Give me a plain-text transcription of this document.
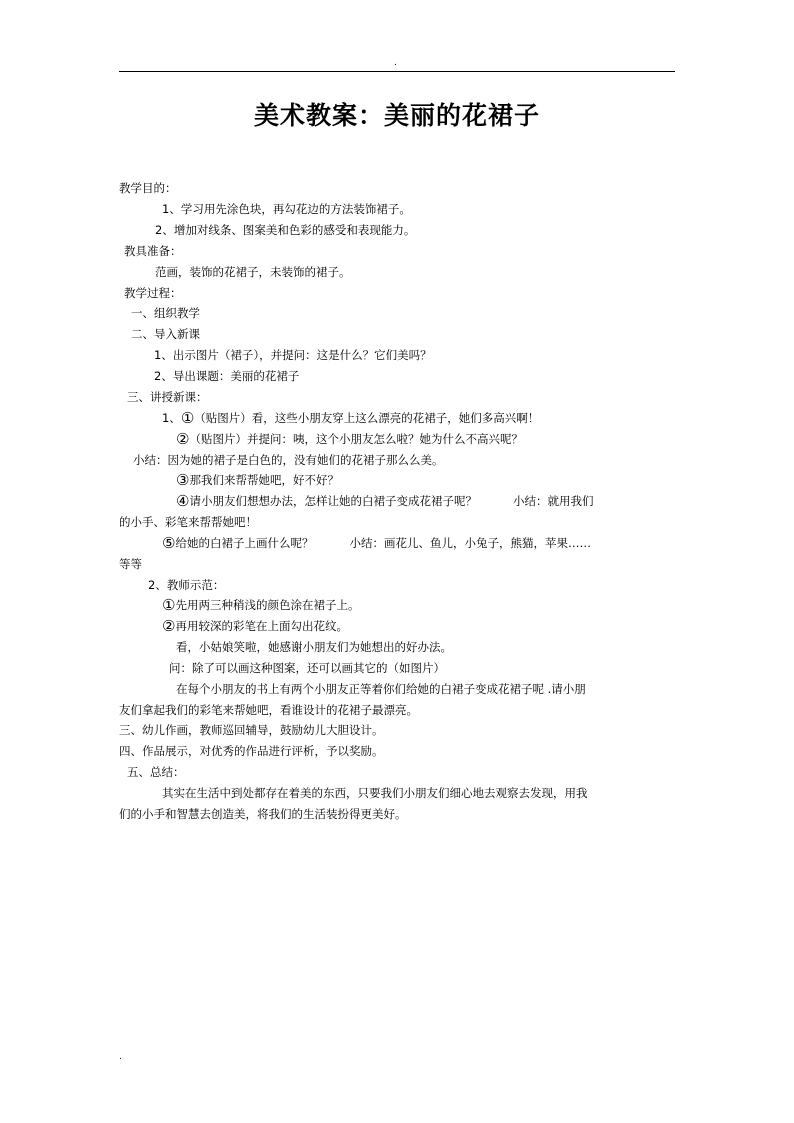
.
美术教案：美丽的花裙子
教学目的：
1、学习用先涂色块，再勾花边的方法装饰裙子。
2、增加对线条、图案美和色彩的感受和表现能力。
教具准备：
范画，装饰的花裙子，未装饰的裙子。
教学过程：
一、组织教学
二、导入新课
1、出示图片（裙子），并提问：这是什么？它们美吗？
2、导出课题：美丽的花裙子
三、讲授新课：
1、①（贴图片）看，这些小朋友穿上这么漂亮的花裙子，她们多高兴啊！
②（贴图片）并提问：咦，这个小朋友怎么啦？她为什么不高兴呢？
小结：因为她的裙子是白色的，没有她们的花裙子那么么美。
③那我们来帮帮她吧，好不好？
④请小朋友们想想办法，怎样让她的白裙子变成花裙子呢？	小结：就用我们
的小手、彩笔来帮帮她吧！
⑤给她的白裙子上画什么呢？	小结：画花儿、鱼儿，小兔子，熊猫，苹果……
等等
2、教师示范：
①先用两三种稍浅的颜色涂在裙子上。
②再用较深的彩笔在上面勾出花纹。
看，小姑娘笑啦，她感谢小朋友们为她想出的好办法。
问：除了可以画这种图案，还可以画其它的（如图片）
在每个小朋友的书上有两个小朋友正等着你们给她的白裙子变成花裙子呢 .请小朋
友们拿起我们的彩笔来帮她吧，看谁设计的花裙子最漂亮。
三、幼儿作画，教师巡回辅导，鼓励幼儿大胆设计。
四、作品展示，对优秀的作品进行评析，予以奖励。
五、总结：
其实在生活中到处都存在着美的东西，只要我们小朋友们细心地去观察去发现，用我
们的小手和智慧去创造美，将我们的生活装扮得更美好。
.
